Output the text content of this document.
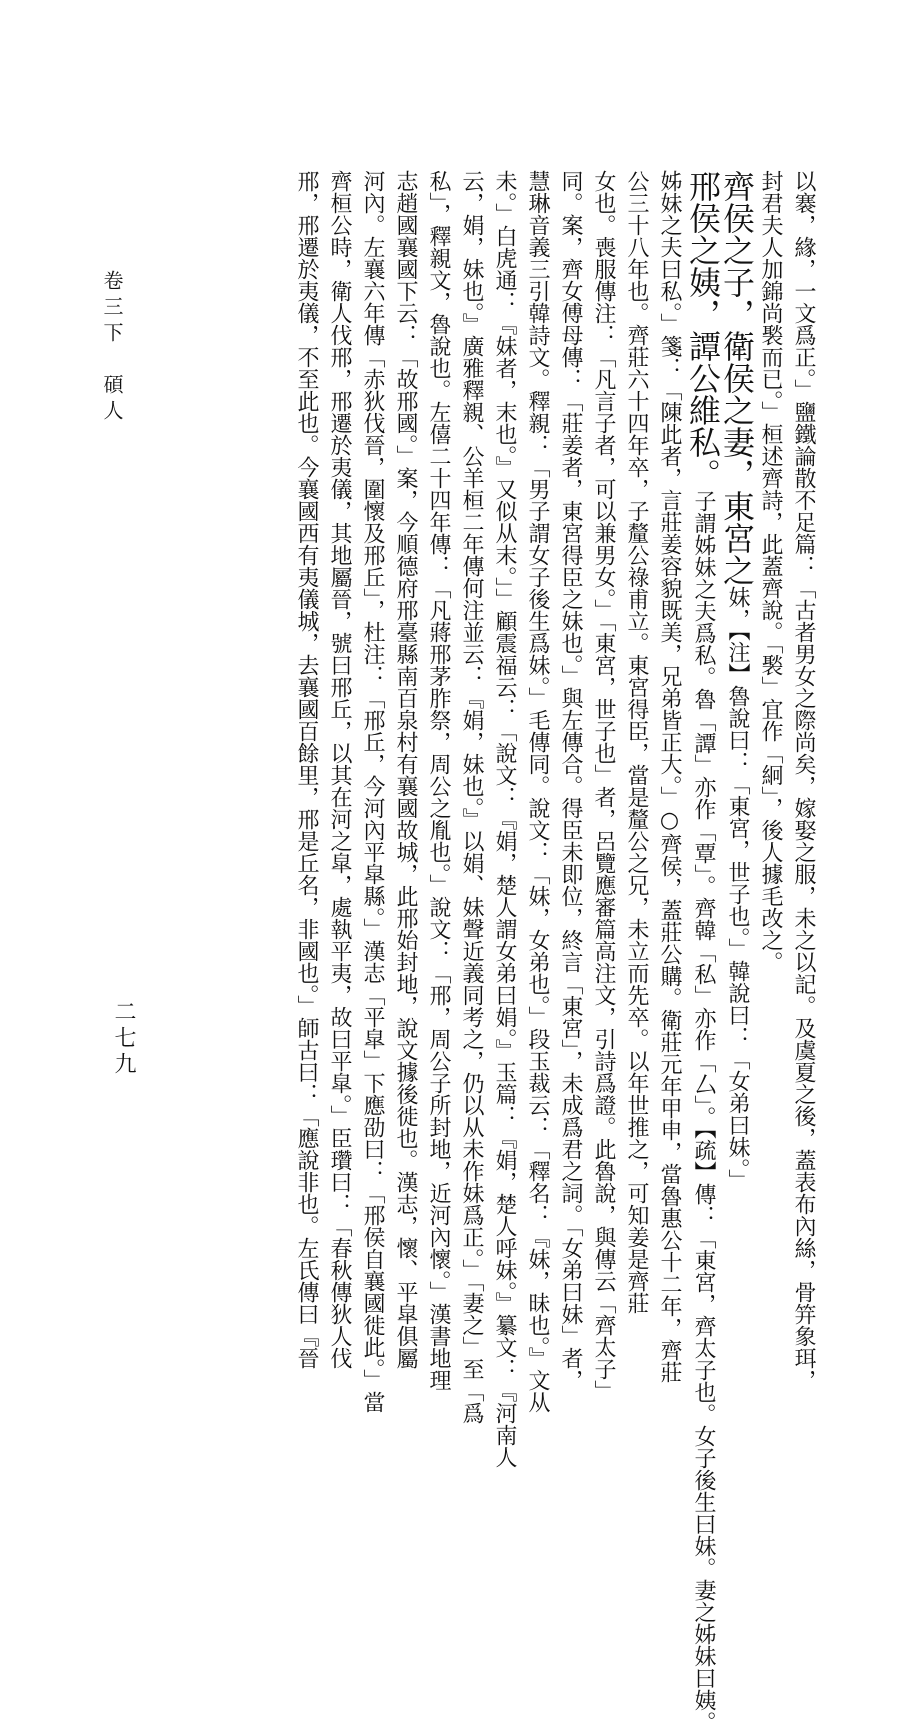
以褰，緣，一文爲正。」鹽鐵論散不足篇：「古者男女之際尚矣，嫁娶之服，未之以記。及虞夏之後，蓋表布內絲，骨笄象珥，
封君夫人加錦尚褧而已。」桓述齊詩，此蓋齊說。「褧」宜作「絅」，後人據毛改之。
齊侯之子，衛侯之妻，東宮之妹，【注】魯說曰：「東宮，世子也。」韓說曰：「女弟曰妹。」
邢侯之姨，譚公維私。子謂姊妹之夫爲私。魯「譚」亦作「覃」。齊韓「私」亦作「厶」。【疏】傳：「東宮，齊太子也。女子後生曰妹。妻之姊妹曰姨。
姊妹之夫曰私。」箋：「陳此者，言莊姜容貌既美，兄弟皆正大。」○齊侯，蓋莊公購。衛莊元年甲申，當魯惠公十二年，齊莊
公三十八年也。齊莊六十四年卒，子釐公祿甫立。東宮得臣，當是釐公之兄，未立而先卒。以年世推之，可知姜是齊莊
女也。喪服傳注：「凡言子者，可以兼男女。」「東宮，世子也」者，呂覽應審篇高注文，引詩爲證。此魯說，與傳云「齊太子」
同。案，齊女傅母傳：「莊姜者，東宮得臣之妹也。」與左傳合。得臣未即位，終言「東宮」，未成爲君之詞。「女弟曰妹」者，
慧琳音義三引韓詩文。釋親：「男子謂女子後生爲妹。」毛傳同。說文：「妹，女弟也。」段玉裁云：「釋名：『妹，昧也。』文从
未。」白虎通：『妹者，末也。』又似从末。」」顧震福云：「說文：『娟，楚人謂女弟曰娟。』玉篇：『娟，楚人呼妹。』纂文：『河南人
云，娟，妹也。』廣雅釋親、公羊桓二年傳何注並云：『娟，妹也。』以娟、妹聲近義同考之，仍以从未作妹爲正。」「妻之」至「爲
私」，釋親文，魯說也。左僖二十四年傳：「凡蔣邢茅胙祭，周公之胤也。」說文：「邢，周公子所封地，近河內懷。」漢書地理
志趙國襄國下云：「故邢國。」案，今順德府邢臺縣南百泉村有襄國故城，此邢始封地，說文據後徙也。漢志，懷、平皐俱屬
河內。左襄六年傳「赤狄伐晉，圍懷及邢丘」，杜注：「邢丘，今河內平皐縣。」漢志「平皐」下應劭曰：「邢侯自襄國徙此。」當
齊桓公時，衛人伐邢，邢遷於夷儀，其地屬晉，號曰邢丘，以其在河之皐，處執平夷，故曰平皐。」臣瓚曰：「春秋傳狄人伐
邢，邢遷於夷儀，不至此也。今襄國西有夷儀城，去襄國百餘里，邢是丘名，非國也。」師古曰：「應說非也。左氏傳曰『晉
卷三下　碩人
二七九
